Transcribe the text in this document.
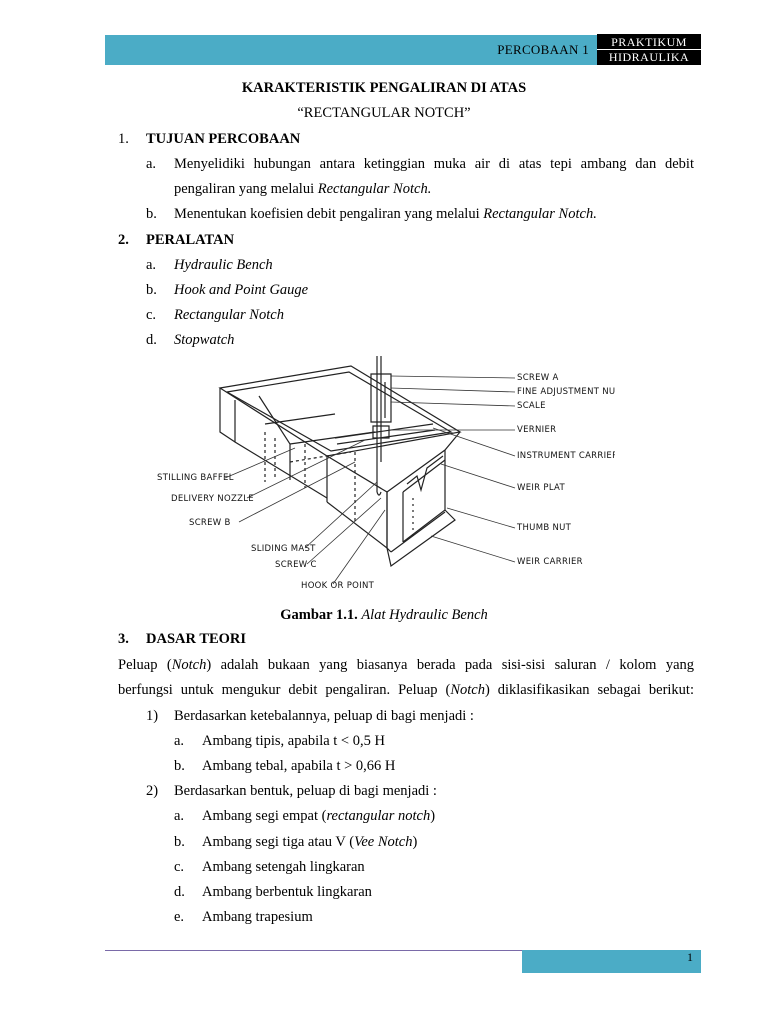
PERCOBAAN 1	PRAKTIKUM
HIDRAULIKA
KARAKTERISTIK PENGALIRAN DI ATAS
“RECTANGULAR NOTCH”
1. TUJUAN PERCOBAAN
a. Menyelidiki hubungan antara ketinggian muka air di atas tepi ambang dan debit
pengaliran yang melalui Rectangular Notch.
b. Menentukan koefisien debit pengaliran yang melalui Rectangular Notch.
2. PERALATAN
a. Hydraulic Bench
b. Hook and Point Gauge
c. Rectangular Notch
d. Stopwatch
SCREW A
FINE ADJUSTMENT NUT
SCALE
VERNIER
INSTRUMENT CARRIER
WEIR PLAT
THUMB NUT
WEIR CARRIER
STILLING BAFFEL
DELIVERY NOZZLE
SCREW B
SLIDING MAST
SCREW C
HOOK OR POINT
Gambar 1.1. Alat Hydraulic Bench
3. DASAR TEORI
Peluap (Notch) adalah bukaan yang biasanya berada pada sisi-sisi saluran / kolom yang
berfungsi untuk mengukur debit pengaliran. Peluap (Notch) diklasifikasikan sebagai berikut:
1) Berdasarkan ketebalannya, peluap di bagi menjadi :
a. Ambang tipis, apabila t < 0,5 H
b. Ambang tebal, apabila t > 0,66 H
2) Berdasarkan bentuk, peluap di bagi menjadi :
a. Ambang segi empat (rectangular notch)
b. Ambang segi tiga atau V (Vee Notch)
c. Ambang setengah lingkaran
d. Ambang berbentuk lingkaran
e. Ambang trapesium
1
